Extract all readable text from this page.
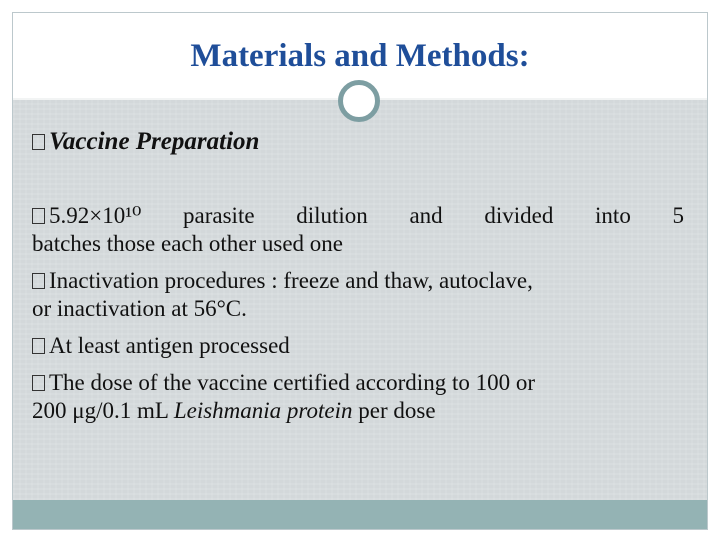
Materials and Methods:
Vaccine Preparation
5.92×10¹⁰ parasite dilution and divided into 5
batches those each other used one
Inactivation procedures : freeze and thaw, autoclave,
or inactivation at 56°C.
At least antigen processed
The dose of the vaccine certified according to 100 or
200 μg/0.1 mL Leishmania protein per dose
